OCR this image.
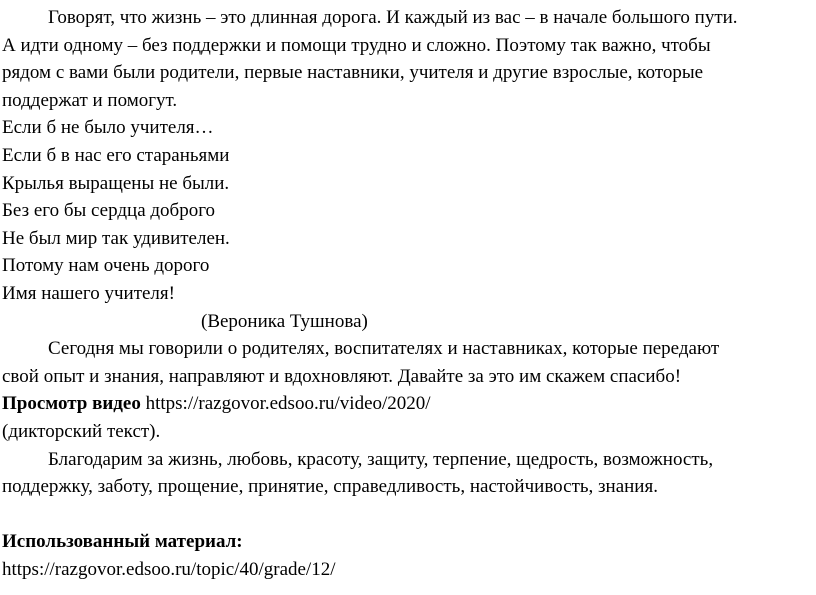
Говорят, что жизнь – это длинная дорога. И каждый из вас – в начале большого пути.
А идти одному – без поддержки и помощи трудно и сложно. Поэтому так важно, чтобы
рядом с вами были родители, первые наставники, учителя и другие взрослые, которые
поддержат и помогут.
Если б не было учителя…
Если б в нас его стараньями
Крылья выращены не были.
Без его бы сердца доброго
Не был мир так удивителен.
Потому нам очень дорого
Имя нашего учителя!
(Вероника Тушнова)
Сегодня мы говорили о родителях, воспитателях и наставниках, которые передают
свой опыт и знания, направляют и вдохновляют. Давайте за это им скажем спасибо!
Просмотр видео https://razgovor.edsoo.ru/video/2020/
(дикторский текст).
Благодарим за жизнь, любовь, красоту, защиту, терпение, щедрость, возможность,
поддержку, заботу, прощение, принятие, справедливость, настойчивость, знания.
Использованный материал:
https://razgovor.edsoo.ru/topic/40/grade/12/
